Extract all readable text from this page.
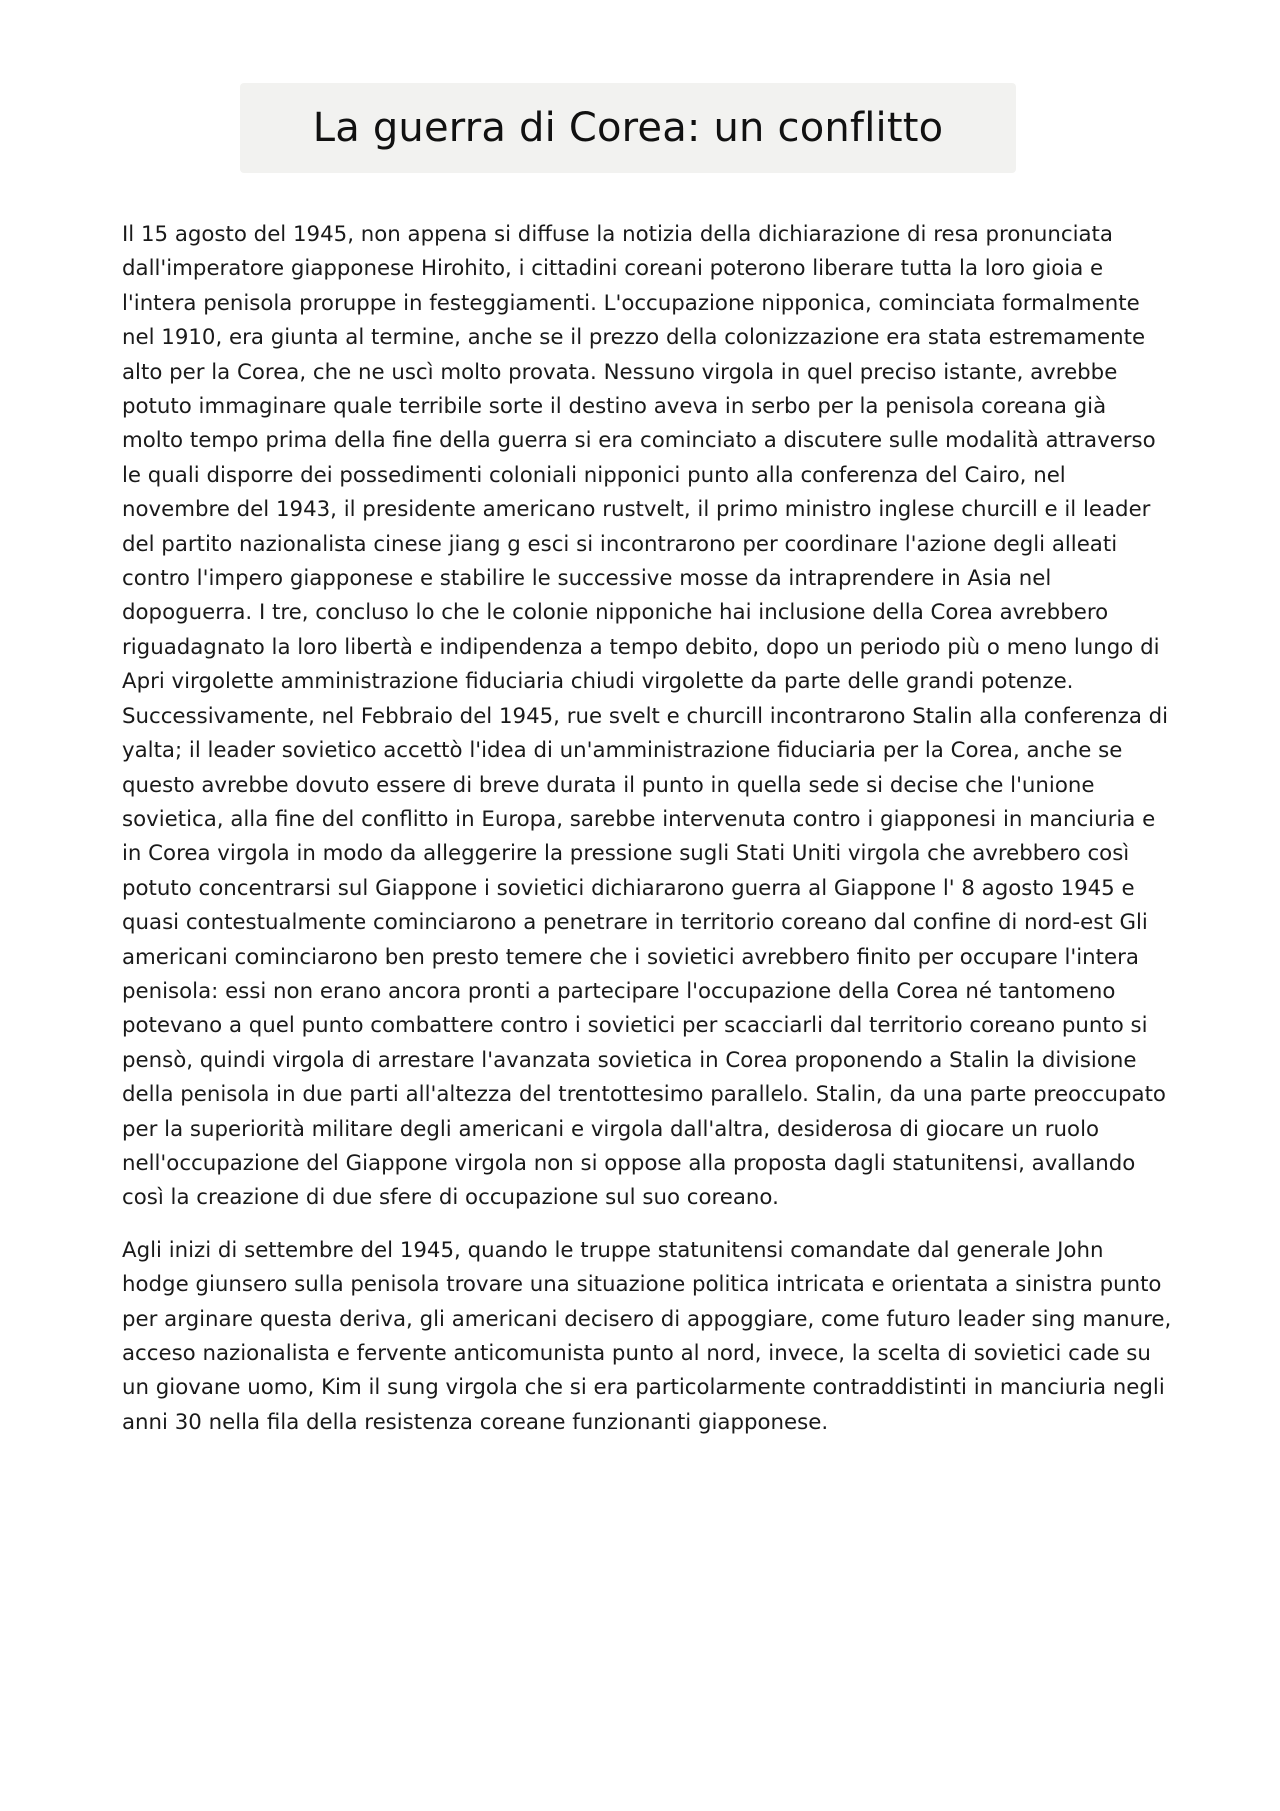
La guerra di Corea: un conflitto

Il 15 agosto del 1945, non appena si diffuse la notizia della dichiarazione di resa pronunciata dall'imperatore giapponese Hirohito, i cittadini coreani poterono liberare tutta la loro gioia e l'intera penisola proruppe in festeggiamenti. L'occupazione nipponica, cominciata formalmente nel 1910, era giunta al termine, anche se il prezzo della colonizzazione era stata estremamente alto per la Corea, che ne uscì molto provata. Nessuno virgola in quel preciso istante, avrebbe potuto immaginare quale terribile sorte il destino aveva in serbo per la penisola coreana già molto tempo prima della fine della guerra si era cominciato a discutere sulle modalità attraverso le quali disporre dei possedimenti coloniali nipponici punto alla conferenza del Cairo, nel novembre del 1943, il presidente americano rustvelt, il primo ministro inglese churcill e il leader del partito nazionalista cinese jiang g esci si incontrarono per coordinare l'azione degli alleati contro l'impero giapponese e stabilire le successive mosse da intraprendere in Asia nel dopoguerra. I tre, concluso lo che le colonie nipponiche hai inclusione della Corea avrebbero riguadagnato la loro libertà e indipendenza a tempo debito, dopo un periodo più o meno lungo di Apri virgolette amministrazione fiduciaria chiudi virgolette da parte delle grandi potenze. Successivamente, nel Febbraio del 1945, rue svelt e churcill incontrarono Stalin alla conferenza di yalta; il leader sovietico accettò l'idea di un'amministrazione fiduciaria per la Corea, anche se questo avrebbe dovuto essere di breve durata il punto in quella sede si decise che l'unione sovietica, alla fine del conflitto in Europa, sarebbe intervenuta contro i giapponesi in manciuria e in Corea virgola in modo da alleggerire la pressione sugli Stati Uniti virgola che avrebbero così potuto concentrarsi sul Giappone i sovietici dichiararono guerra al Giappone l' 8 agosto 1945 e quasi contestualmente cominciarono a penetrare in territorio coreano dal confine di nord-est Gli americani cominciarono ben presto temere che i sovietici avrebbero finito per occupare l'intera penisola: essi non erano ancora pronti a partecipare l'occupazione della Corea né tantomeno potevano a quel punto combattere contro i sovietici per scacciarli dal territorio coreano punto si pensò, quindi virgola di arrestare l'avanzata sovietica in Corea proponendo a Stalin la divisione della penisola in due parti all'altezza del trentottesimo parallelo. Stalin, da una parte preoccupato per la superiorità militare degli americani e virgola dall'altra, desiderosa di giocare un ruolo nell'occupazione del Giappone virgola non si oppose alla proposta dagli statunitensi, avallando così la creazione di due sfere di occupazione sul suo coreano.

Agli inizi di settembre del 1945, quando le truppe statunitensi comandate dal generale John hodge giunsero sulla penisola trovare una situazione politica intricata e orientata a sinistra punto per arginare questa deriva, gli americani decisero di appoggiare, come futuro leader sing manure, acceso nazionalista e fervente anticomunista punto al nord, invece, la scelta di sovietici cade su un giovane uomo, Kim il sung virgola che si era particolarmente contraddistinti in manciuria negli anni 30 nella fila della resistenza coreane funzionanti giapponese.
